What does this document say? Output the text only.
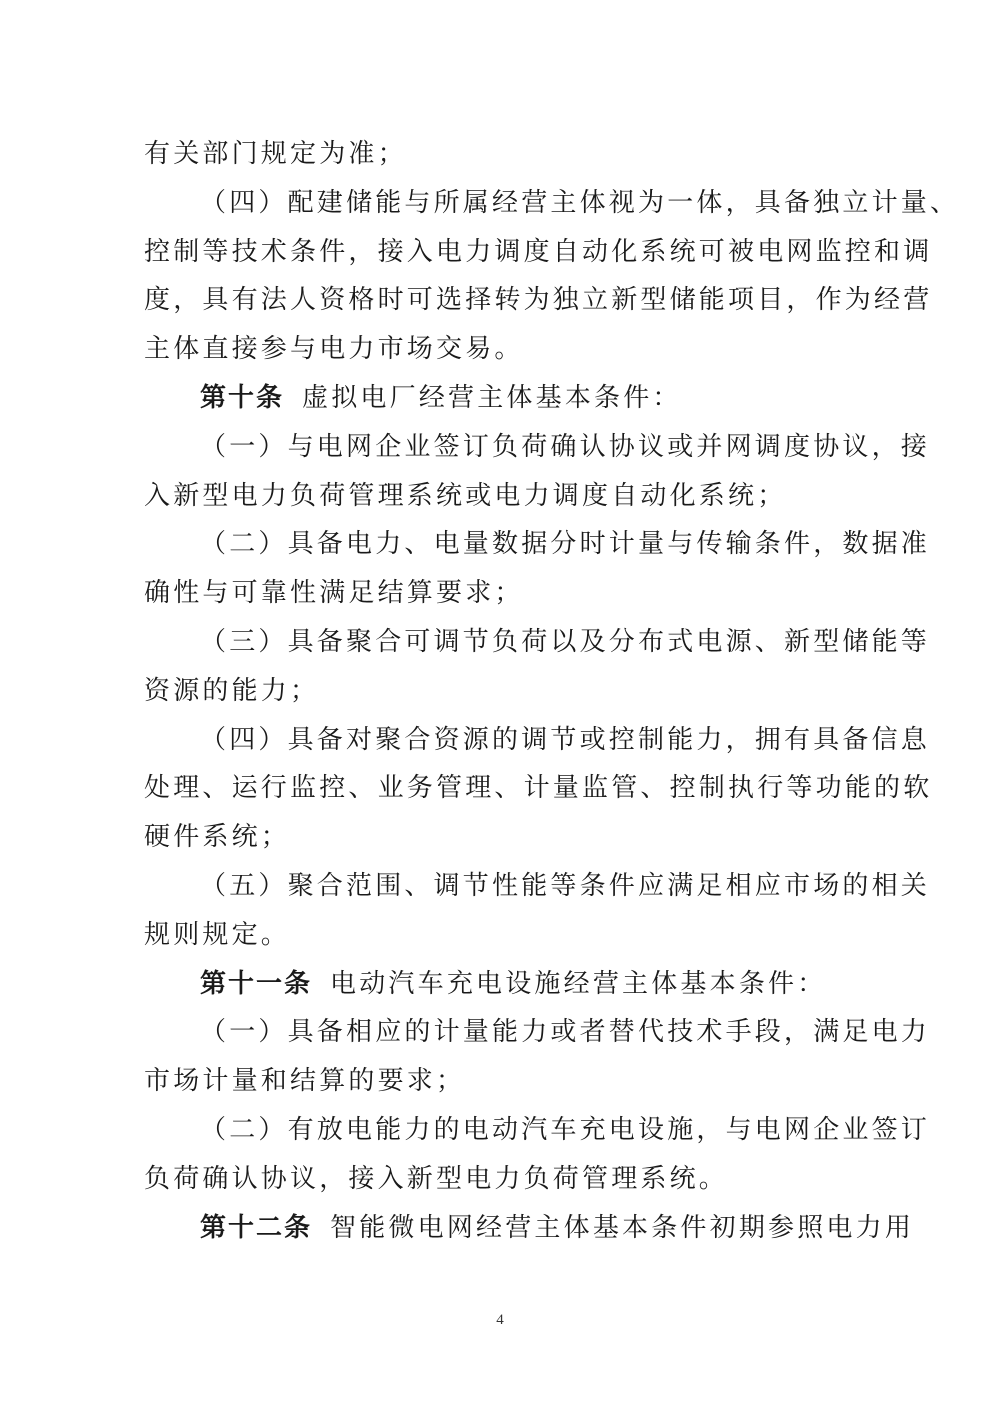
有关部门规定为准；
（四）配建储能与所属经营主体视为一体，具备独立计量、
控制等技术条件，接入电力调度自动化系统可被电网监控和调
度，具有法人资格时可选择转为独立新型储能项目，作为经营
主体直接参与电力市场交易。
第十条 虚拟电厂经营主体基本条件：
（一）与电网企业签订负荷确认协议或并网调度协议，接
入新型电力负荷管理系统或电力调度自动化系统；
（二）具备电力、电量数据分时计量与传输条件，数据准
确性与可靠性满足结算要求；
（三）具备聚合可调节负荷以及分布式电源、新型储能等
资源的能力；
（四）具备对聚合资源的调节或控制能力，拥有具备信息
处理、运行监控、业务管理、计量监管、控制执行等功能的软
硬件系统；
（五）聚合范围、调节性能等条件应满足相应市场的相关
规则规定。
第十一条 电动汽车充电设施经营主体基本条件：
（一）具备相应的计量能力或者替代技术手段，满足电力
市场计量和结算的要求；
（二）有放电能力的电动汽车充电设施，与电网企业签订
负荷确认协议，接入新型电力负荷管理系统。
第十二条 智能微电网经营主体基本条件初期参照电力用
4
